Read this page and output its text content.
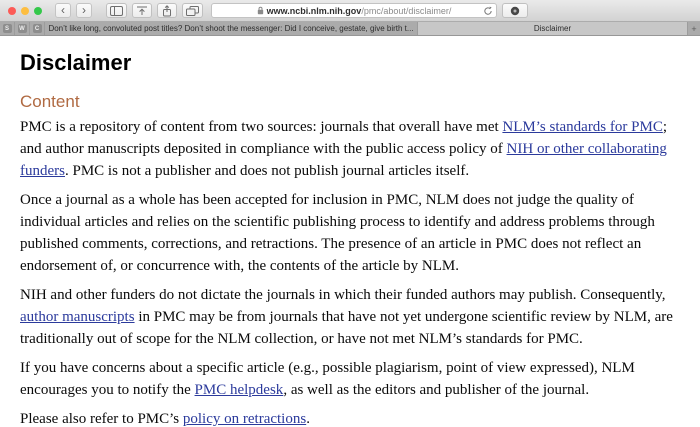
‹	›	www.ncbi.nlm.nih.gov /pmc/about/disclaimer/
S	W	C Don’t like long, convoluted post titles? Don’t shoot the messenger: Did I conceive, gestate, give birth t...	Disclaimer	+
Disclaimer
Content

PMC is a repository of content from two sources: journals that overall have met NLM’s standards for PMC; and author manuscripts deposited in compliance with the public access policy of NIH or other collaborating funders. PMC is not a publisher and does not publish journal articles itself.

Once a journal as a whole has been accepted for inclusion in PMC, NLM does not judge the quality of individual articles and relies on the scientific publishing process to identify and address problems through published comments, corrections, and retractions. The presence of an article in PMC does not reflect an endorsement of, or concurrence with, the contents of the article by NLM.

NIH and other funders do not dictate the journals in which their funded authors may publish. Consequently, author manuscripts in PMC may be from journals that have not yet undergone scientific review by NLM, are traditionally out of scope for the NLM collection, or have not met NLM’s standards for PMC.

If you have concerns about a specific article (e.g., possible plagiarism, point of view expressed), NLM encourages you to notify the PMC helpdesk, as well as the editors and publisher of the journal.

Please also refer to PMC’s policy on retractions.
